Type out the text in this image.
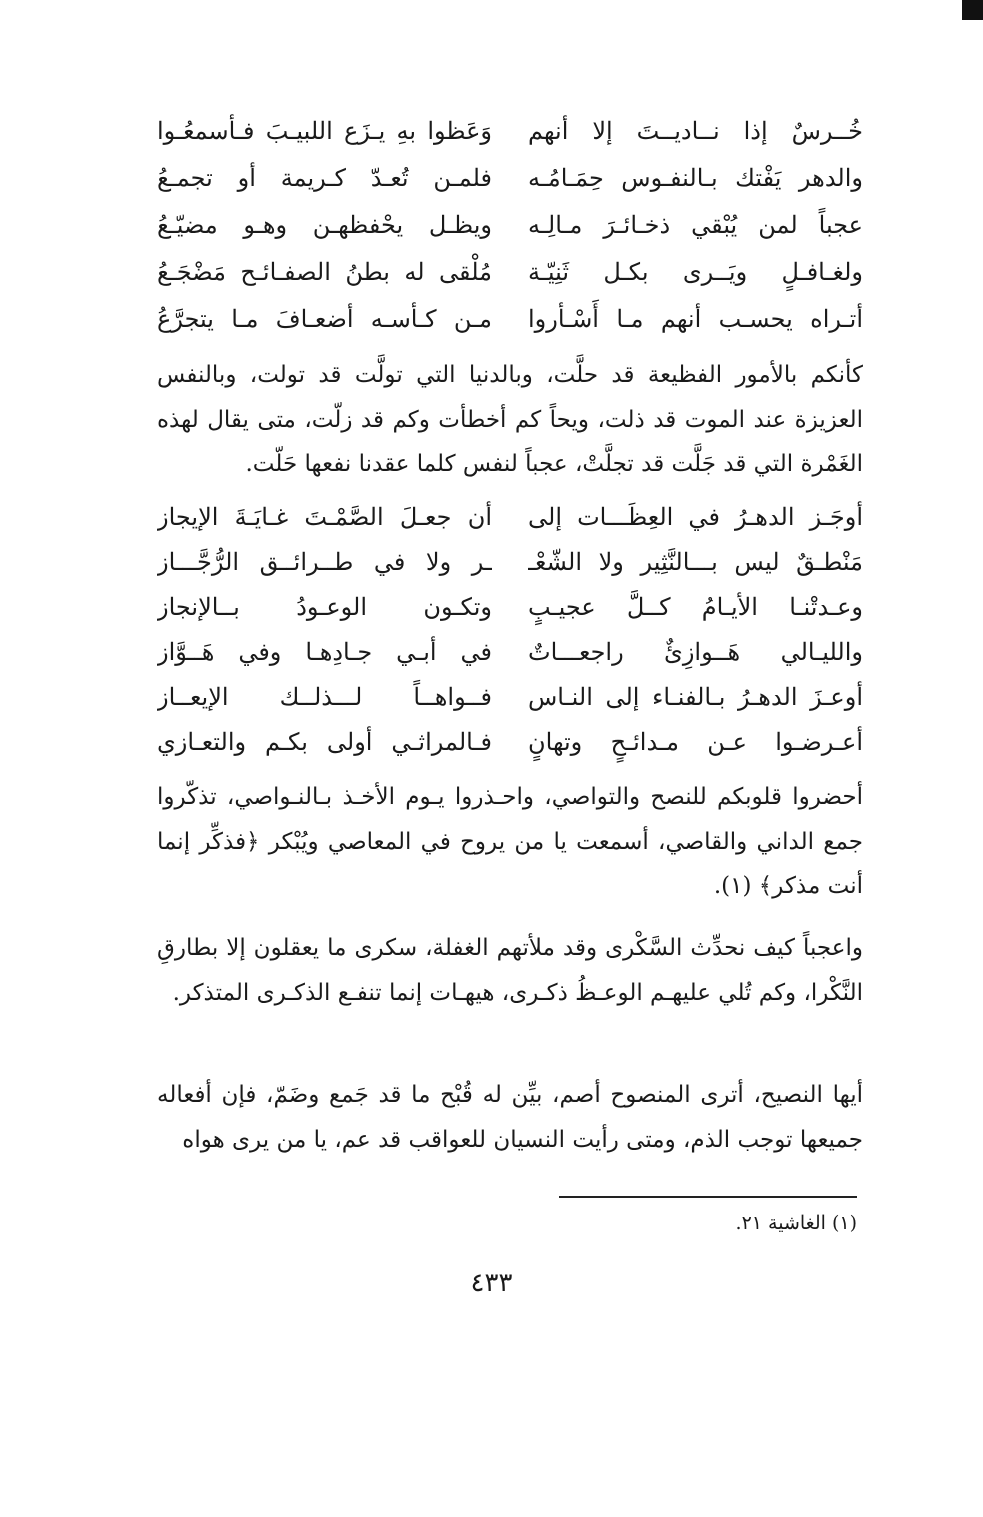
خُــرسٌ إذا نــاديــتَ إلا أنهم
وَعَظوا بهِ يـزَع اللبيـبَ فـأسمعُـوا
والدهر يَفْتك بـالنفـوس حِمَـامُـه
فلمـن تُعـدّ كـريمة أو تجمـعُ
عجباً لمن يُبْقي ذخـائـرَ مـالِـه
ويظـل يحْفظهـن وهـو مضيّـعُ
ولغـافـلٍ ويَــرى بكـل ثَنِيّـة
مُلْقى له بطنُ الصفـائـح مَضْجَـعُ
أتـراه يحسـب أنهم مـا أَسْـأروا
مـن كـأسـه أضعـافَ مـا يتجرَّعُ

كأنكم بالأمور الفظيعة قد حلَّت، وبالدنيا التي تولَّت قد تولت، وبالنفس العزيزة عند الموت قد ذلت، ويحاً كم أخطأت وكم قد زلّت، متى يقال لهذه الغَمْرة التي قد جَلَّت قد تجلَّتْ، عجباً لنفس كلما عقدنا نفعها حَلّت.

أوجَـز الدهـرُ في العِظَـــات إلى
أن جعـلَ الصَّمْـتَ غـايَـةَ الإيجاز
مَنْطـقٌ ليس بـــالنَّثِير ولا الشّعْـ
ـر ولا في طــرائــق الرُّجَّـــاز
وعـدتْنـا الأيـامُ كــلَّ عجيـبٍ
وتكـون الوعـودُ بــالإنجاز
والليـالي هَــوازِئٌ راجعـــاتٌ
في أبـي جـادِهـا وفي هَــوَّاز
أوعـزَ الدهـرُ بـالفنـاء إلى النـاس
فــواهــاً لـــذلــك الإيعــاز
أعـرضـوا عـن مـدائـحٍ وتهانٍ
فـالمراثـي أولى بكـم والتعـازي

أحضروا قلوبكم للنصح والتواصي، واحـذروا يـوم الأخـذ بـالنـواصي، تذكّروا جمع الداني والقاصي، أسمعت يا من يروح في المعاصي ويُبْكر ﴿فذكِّر إنما أنت مذكر﴾ (١).

واعجباً كيف نحدِّث السَّكْرى وقد ملأتهم الغفلة، سكرى ما يعقلون إلا بطارقِ النَّكْرا، وكم تُلي عليهـم الوعـظُ ذكـرى، هيهـات إنما تنفـع الذكـرى المتذكر.

أيها النصيح، أترى المنصوح أصم، بيِّن له قُبْح ما قد جَمع وضَمّ، فإن أفعاله جميعها توجب الذم، ومتى رأيت النسيان للعواقب قد عم، يا من يرى هواه

(١) الغاشية ٢١.
٤٣٣
